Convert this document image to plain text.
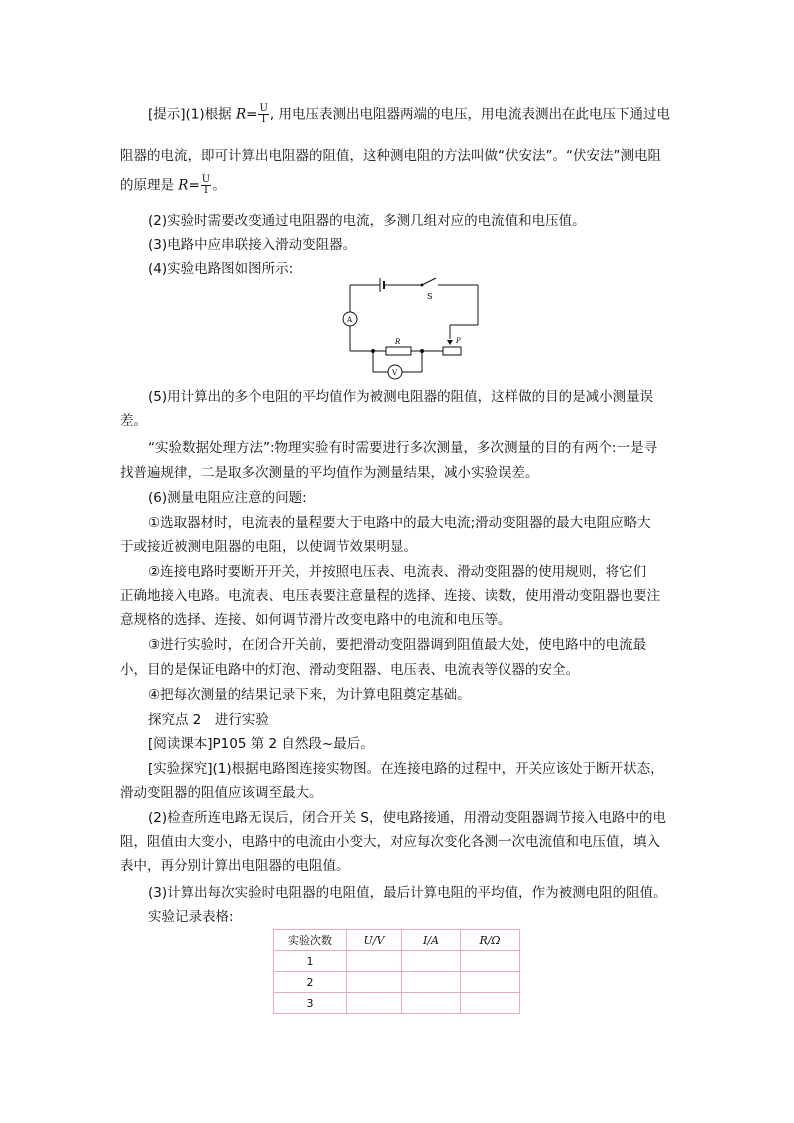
[提示](1)根据 $R= \frac{U}{I}$ , 用电压表测出电阻器两端的电压，用电流表测出在此电压下通过电
阻器的电流，即可计算出电阻器的阻值，这种测电阻的方法叫做“伏安法”。“伏安法”测电阻
的原理是 $R= \frac{U}{I}$ 。
(2)实验时需要改变通过电阻器的电流，多测几组对应的电流值和电压值。
(3)电路中应串联接入滑动变阻器。
(4)实验电路图如图所示:
S
A
V
R	P
(5)用计算出的多个电阻的平均值作为被测电阻器的阻值，这样做的目的是减小测量误
差。
“实验数据处理方法”:物理实验有时需要进行多次测量，多次测量的目的有两个:一是寻
找普遍规律，二是取多次测量的平均值作为测量结果，减小实验误差。
(6)测量电阻应注意的问题:
①选取器材时，电流表的量程要大于电路中的最大电流;滑动变阻器的最大电阻应略大
于或接近被测电阻器的电阻，以使调节效果明显。
②连接电路时要断开开关，并按照电压表、电流表、滑动变阻器的使用规则，将它们
正确地接入电路。电流表、电压表要注意量程的选择、连接、读数，使用滑动变阻器也要注
意规格的选择、连接、如何调节滑片改变电路中的电流和电压等。
③进行实验时，在闭合开关前，要把滑动变阻器调到阻值最大处，使电路中的电流最
小，目的是保证电路中的灯泡、滑动变阻器、电压表、电流表等仪器的安全。
④把每次测量的结果记录下来，为计算电阻奠定基础。
探究点 2　进行实验
[阅读课本]P105 第 2 自然段~最后。
[实验探究](1)根据电路图连接实物图。在连接电路的过程中，开关应该处于断开状态，
滑动变阻器的阻值应该调至最大。
(2)检查所连电路无误后，闭合开关 S，使电路接通，用滑动变阻器调节接入电路中的电
阻，阻值由大变小，电路中的电流由小变大，对应每次变化各测一次电流值和电压值，填入
表中，再分别计算出电阻器的电阻值。
(3)计算出每次实验时电阻器的电阻值，最后计算电阻的平均值，作为被测电阻的阻值。
实验记录表格:
实验次数	U/V	I/A	R/Ω
1			
2			
3			
